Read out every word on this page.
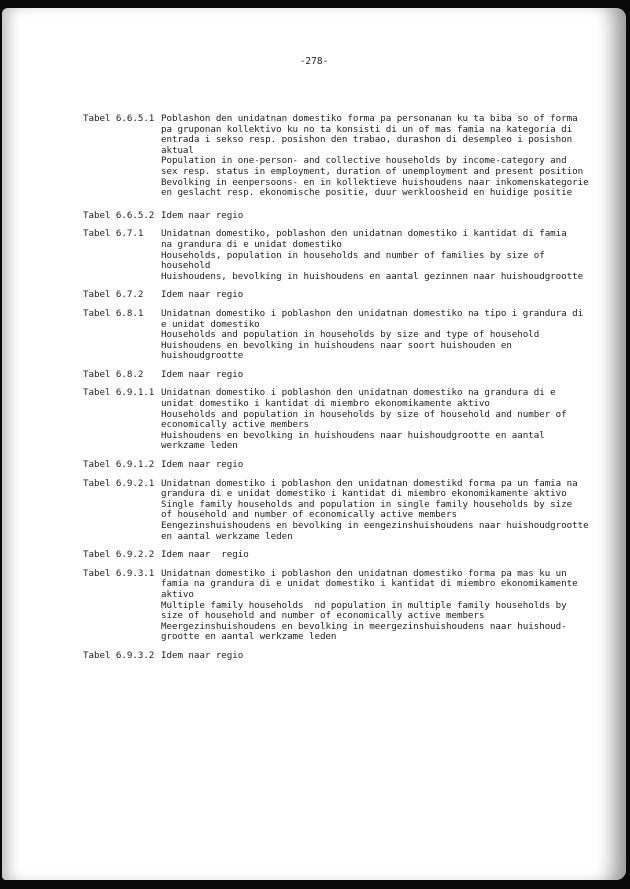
-278-
Tabel 6.6.5.1 Poblashon den unidatnan domestiko forma pa personanan ku ta biba so of forma
pa gruponan kollektivo ku no ta konsisti di un of mas famia na kategoria di
entrada i sekso resp. posishon den trabao, durashon di desempleo i posishon
aktual
Population in one-person- and collective households by income-category and
sex resp. status in employment, duration of unemployment and present position
Bevolking in eenpersoons- en in kollektieve huishoudens naar inkomenskategorie
en geslacht resp. ekonomische positie, duur werkloosheid en huidige positie
Tabel 6.6.5.2 Idem naar regio
Tabel 6.7.1	Unidatnan domestiko, poblashon den unidatnan domestiko i kantidat di famia
na grandura di e unidat domestiko
Households, population in households and number of families by size of
household
Huishoudens, bevolking in huishoudens en aantal gezinnen naar huishoudgrootte
Tabel 6.7.2	Idem naar regio
Tabel 6.8.1	Unidatnan domestiko i poblashon den unidatnan domestiko na tipo i grandura di
e unidat domestiko
Households and population in households by size and type of household
Huishoudens en bevolking in huishoudens naar soort huishouden en
huishoudgrootte
Tabel 6.8.2	Idem naar regio
Tabel 6.9.1.1 Unidatnan domestiko i poblashon den unidatnan domestiko na grandura di e
unidat domestiko i kantidat di miembro ekonomikamente aktivo
Households and population in households by size of household and number of
economically active members
Huishoudens en bevolking in huishoudens naar huishoudgrootte en aantal
werkzame leden
Tabel 6.9.1.2 Idem naar regio
Tabel 6.9.2.1 Unidatnan domestiko i poblashon den unidatnan domestikd forma pa un famia na
grandura di e unidat domestiko i kantidat di miembro ekonomikamente aktivo
Single family households and population in single family households by size
of household and number of economically active members
Eengezinshuishoudens en bevolking in eengezinshuishoudens naar huishoudgrootte
en aantal werkzame leden
Tabel 6.9.2.2 Idem naar  regio
Tabel 6.9.3.1 Unidatnan domestiko i poblashon den unidatnan domestiko forma pa mas ku un
famia na grandura di e unidat domestiko i kantidat di miembro ekonomikamente
aktivo
Multiple family households  nd population in multiple family households by
size of household and number of economically active members
Meergezinshuishoudens en bevolking in meergezinshuishoudens naar huishoud-
grootte en aantal werkzame leden
Tabel 6.9.3.2 Idem naar regio
